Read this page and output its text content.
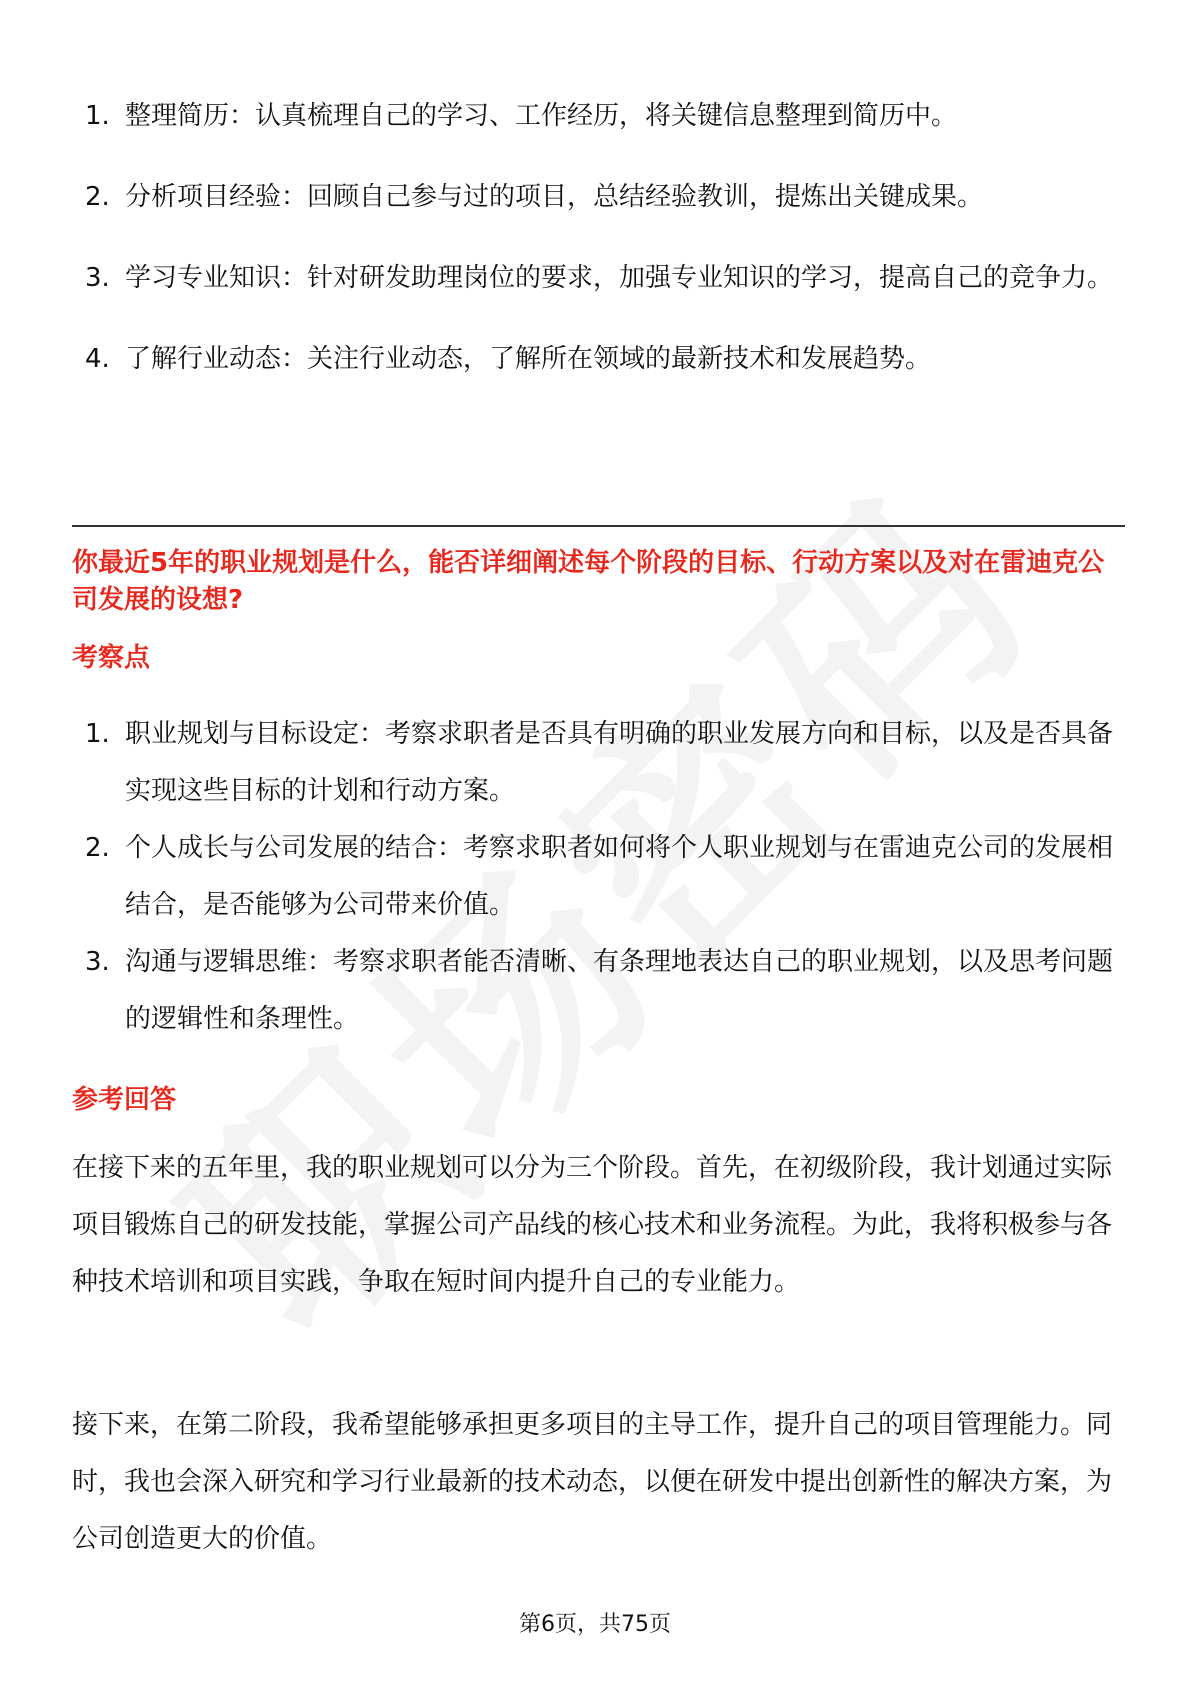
1. 整理简历：认真梳理自己的学习、工作经历，将关键信息整理到简历中。
2. 分析项目经验：回顾自己参与过的项目，总结经验教训，提炼出关键成果。
3. 学习专业知识：针对研发助理岗位的要求，加强专业知识的学习，提高自己的竞争力。
4. 了解行业动态：关注行业动态，了解所在领域的最新技术和发展趋势。
你最近5年的职业规划是什么，能否详细阐述每个阶段的目标、行动方案以及对在雷迪克公司发展的设想?
考察点
1. 职业规划与目标设定：考察求职者是否具有明确的职业发展方向和目标，以及是否具备实现这些目标的计划和行动方案。
2. 个人成长与公司发展的结合：考察求职者如何将个人职业规划与在雷迪克公司的发展相结合，是否能够为公司带来价值。
3. 沟通与逻辑思维：考察求职者能否清晰、有条理地表达自己的职业规划，以及思考问题的逻辑性和条理性。
参考回答

在接下来的五年里，我的职业规划可以分为三个阶段。首先，在初级阶段，我计划通过实际项目锻炼自己的研发技能，掌握公司产品线的核心技术和业务流程。为此，我将积极参与各种技术培训和项目实践，争取在短时间内提升自己的专业能力。

接下来，在第二阶段，我希望能够承担更多项目的主导工作，提升自己的项目管理能力。同时，我也会深入研究和学习行业最新的技术动态，以便在研发中提出创新性的解决方案，为公司创造更大的价值。

第6页，共75页
